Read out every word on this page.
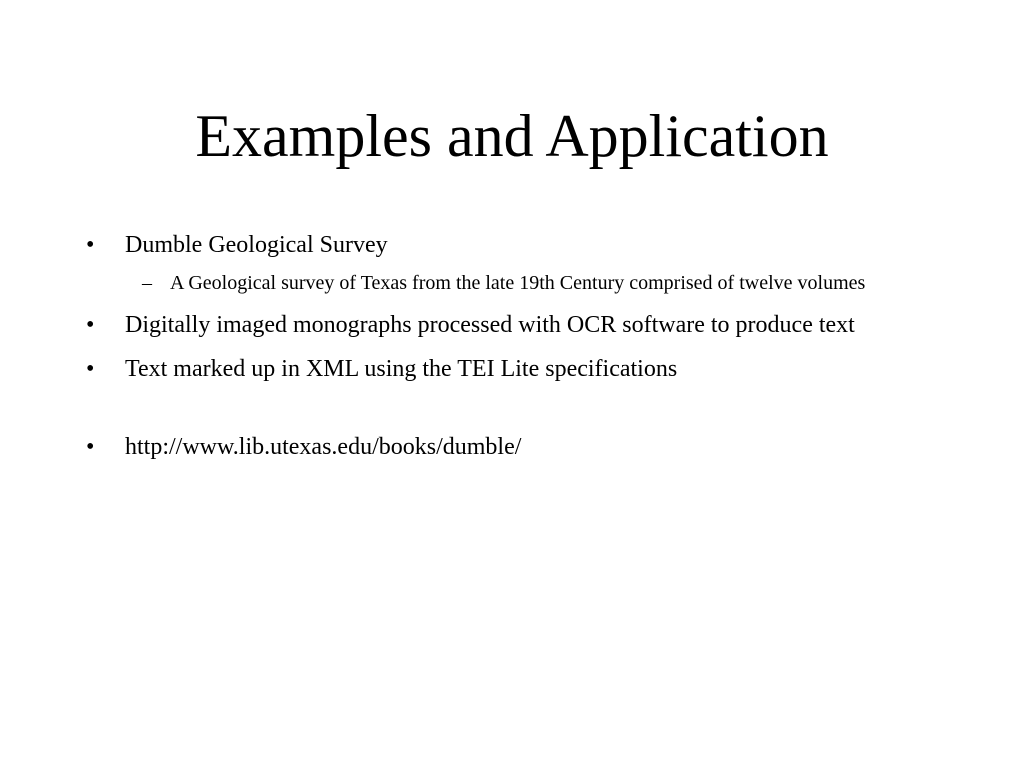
Examples and Application
• Dumble Geological Survey
– A Geological survey of Texas from the late 19th Century comprised of twelve volumes
• Digitally imaged monographs processed with OCR software to produce text
• Text marked up in XML using the TEI Lite specifications
• http://www.lib.utexas.edu/books/dumble/
